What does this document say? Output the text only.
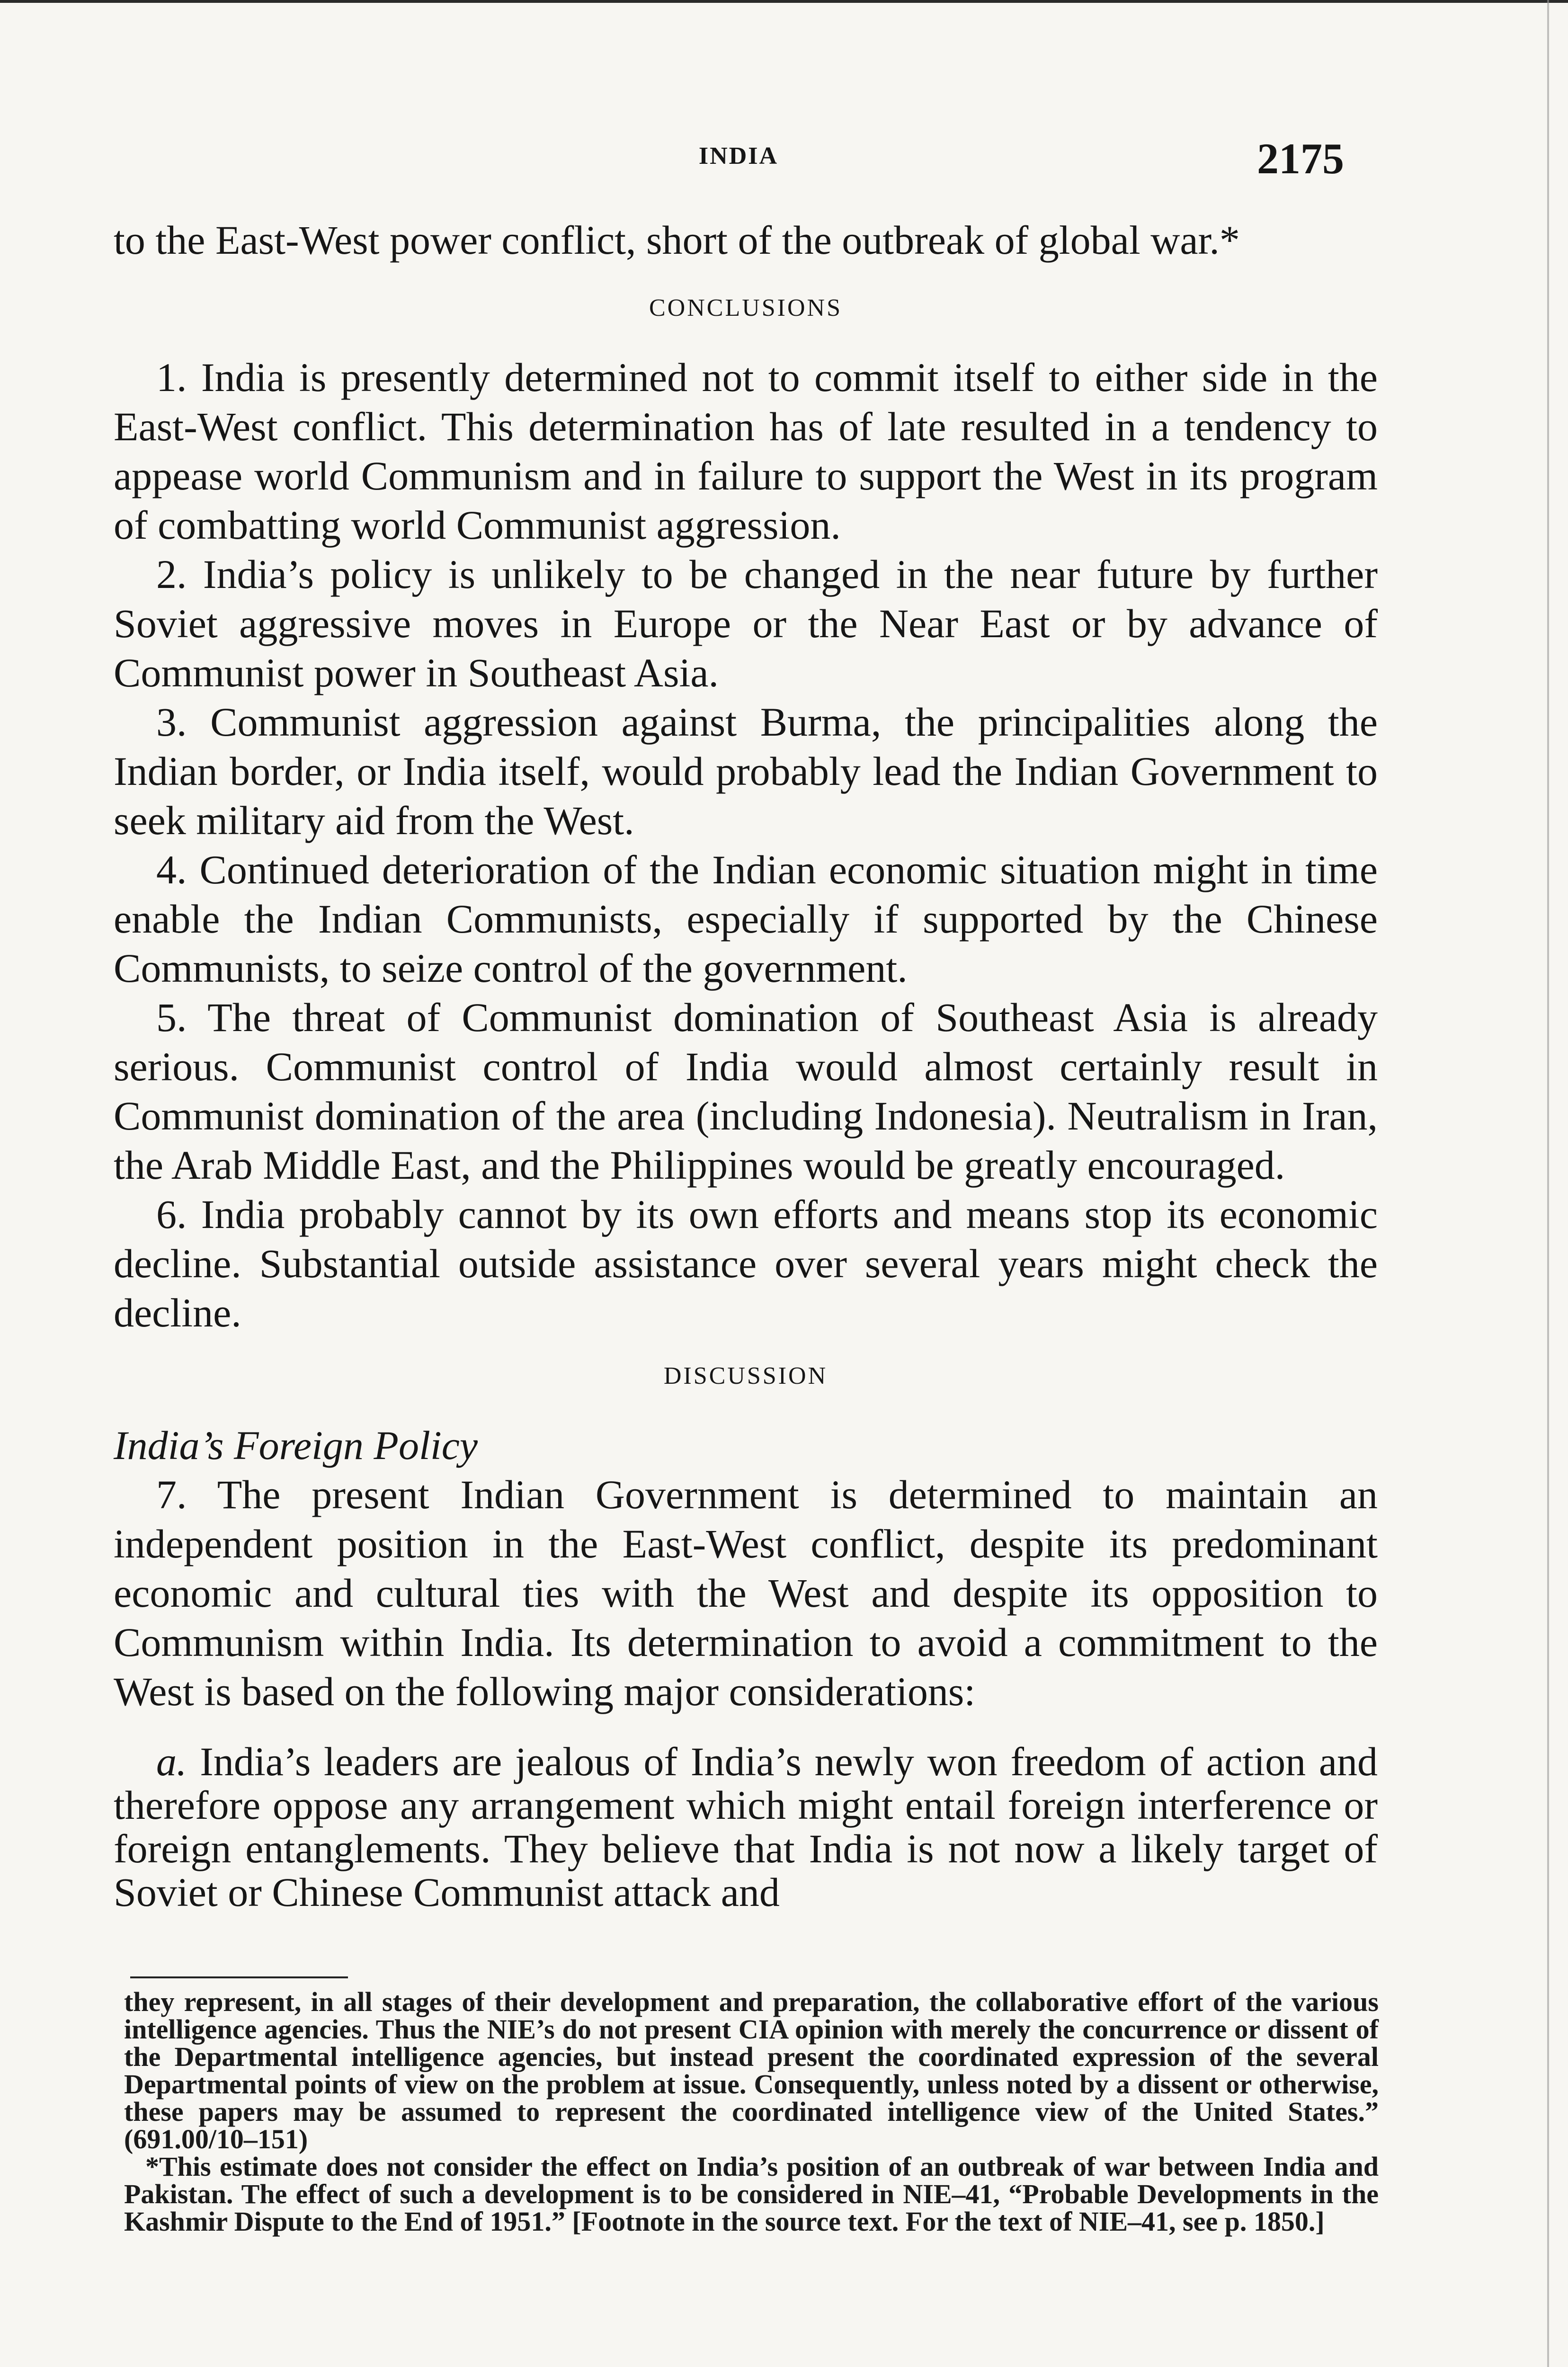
INDIA	2175

to the East-West power conflict, short of the outbreak of global war.*

CONCLUSIONS

1. India is presently determined not to commit itself to either side in the East-West conflict. This determination has of late resulted in a tendency to appease world Communism and in failure to support the West in its program of combatting world Communist aggression.

2. India’s policy is unlikely to be changed in the near future by further Soviet aggressive moves in Europe or the Near East or by advance of Communist power in Southeast Asia.

3. Communist aggression against Burma, the principalities along the Indian border, or India itself, would probably lead the Indian Government to seek military aid from the West.

4. Continued deterioration of the Indian economic situation might in time enable the Indian Communists, especially if supported by the Chinese Communists, to seize control of the government.

5. The threat of Communist domination of Southeast Asia is already serious. Communist control of India would almost certainly result in Communist domination of the area (including Indonesia). Neutralism in Iran, the Arab Middle East, and the Philippines would be greatly encouraged.

6. India probably cannot by its own efforts and means stop its economic decline. Substantial outside assistance over several years might check the decline.

DISCUSSION

India’s Foreign Policy

7. The present Indian Government is determined to maintain an independent position in the East-West conflict, despite its predominant economic and cultural ties with the West and despite its opposition to Communism within India. Its determination to avoid a commitment to the West is based on the following major considerations:

a. India’s leaders are jealous of India’s newly won freedom of action and therefore oppose any arrangement which might entail foreign interference or foreign entanglements. They believe that India is not now a likely target of Soviet or Chinese Communist attack and

they represent, in all stages of their development and preparation, the collaborative effort of the various intelligence agencies. Thus the NIE’s do not present CIA opinion with merely the concurrence or dissent of the Departmental intelligence agencies, but instead present the coordinated expression of the several Departmental points of view on the problem at issue. Consequently, unless noted by a dissent or otherwise, these papers may be assumed to represent the coordinated intelligence view of the United States.” (691.00/10–151)

*This estimate does not consider the effect on India’s position of an outbreak of war between India and Pakistan. The effect of such a development is to be considered in NIE–41, “Probable Developments in the Kashmir Dispute to the End of 1951.” [Footnote in the source text. For the text of NIE–41, see p. 1850.]
